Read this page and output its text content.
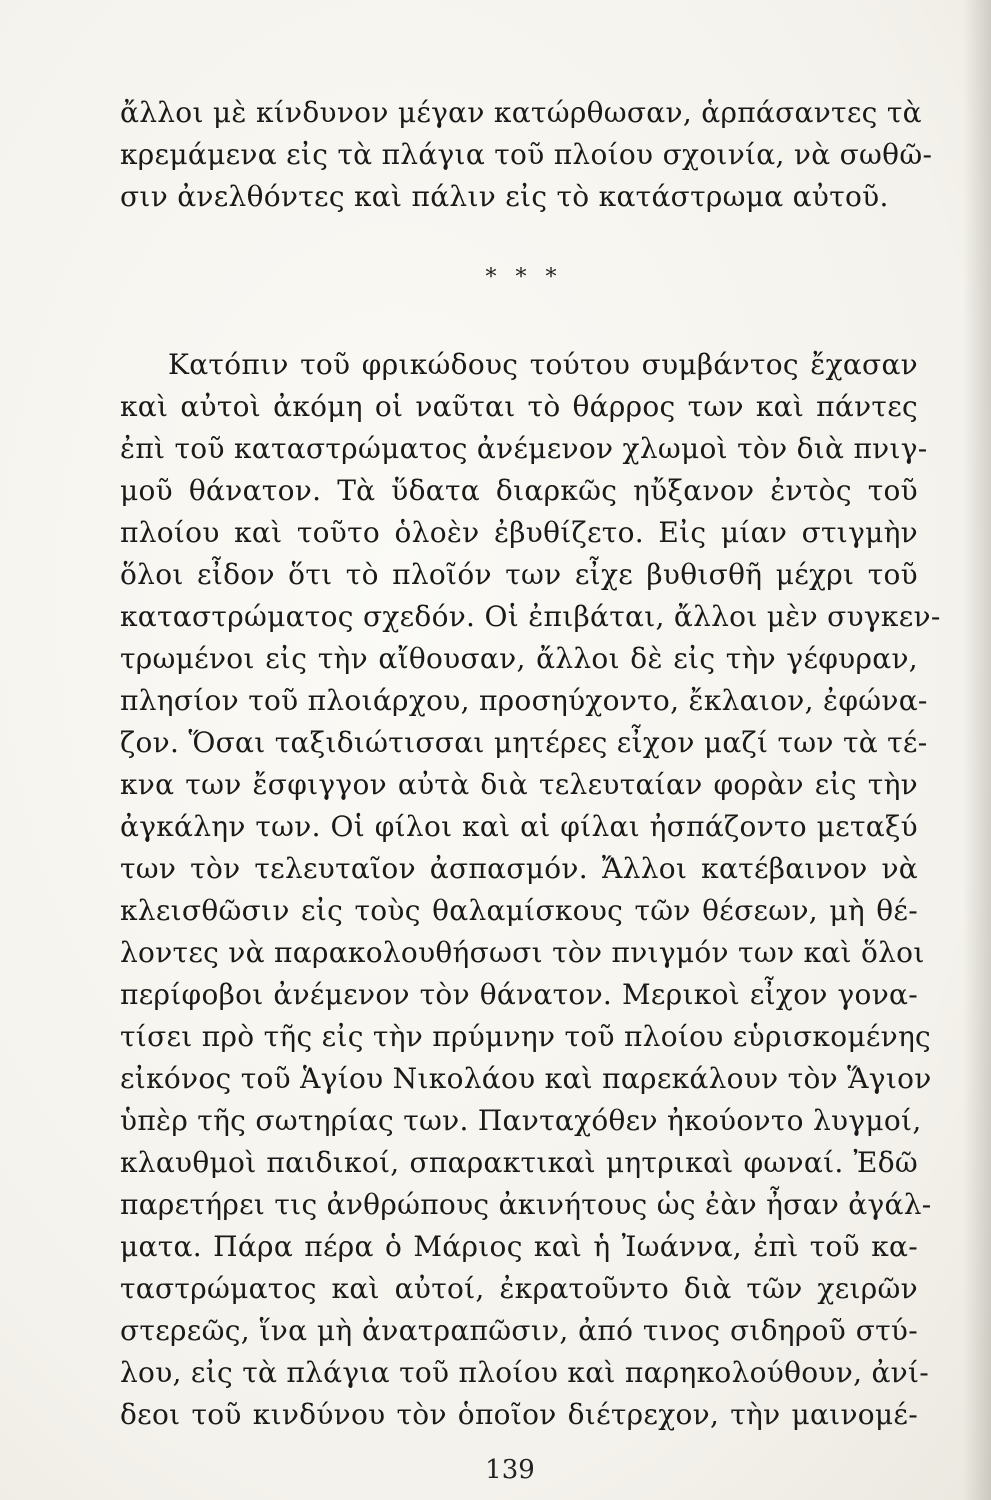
ἄλλοι μὲ κίνδυνον μέγαν κατώρθωσαν, ἁρπάσαντες τὰ
κρεμάμενα εἰς τὰ πλάγια τοῦ πλοίου σχοινία, νὰ σωθῶ-
σιν ἀνελθόντες καὶ πάλιν εἰς τὸ κατάστρωμα αὐτοῦ.
* * *
Κατόπιν τοῦ φρικώδους τούτου συμβάντος ἔχασαν
καὶ αὐτοὶ ἀκόμη οἱ ναῦται τὸ θάρρος των καὶ πάντες
ἐπὶ τοῦ καταστρώματος ἀνέμενον χλωμοὶ τὸν διὰ πνιγ-
μοῦ θάνατον. Τὰ ὕδατα διαρκῶς ηὔξανον ἐντὸς τοῦ
πλοίου καὶ τοῦτο ὁλοὲν ἐβυθίζετο. Εἰς μίαν στιγμὴν
ὅλοι εἶδον ὅτι τὸ πλοῖόν των εἶχε βυθισθῆ μέχρι τοῦ
καταστρώματος σχεδόν. Οἱ ἐπιβάται, ἄλλοι μὲν συγκεν-
τρωμένοι εἰς τὴν αἴθουσαν, ἄλλοι δὲ εἰς τὴν γέφυραν,
πλησίον τοῦ πλοιάρχου, προσηύχοντο, ἔκλαιον, ἐφώνα-
ζον. Ὅσαι ταξιδιώτισσαι μητέρες εἶχον μαζί των τὰ τέ-
κνα των ἔσφιγγον αὐτὰ διὰ τελευταίαν φορὰν εἰς τὴν
ἀγκάλην των. Οἱ φίλοι καὶ αἱ φίλαι ἠσπάζοντο μεταξύ
των τὸν τελευταῖον ἀσπασμόν. Ἄλλοι κατέβαινον νὰ
κλεισθῶσιν εἰς τοὺς θαλαμίσκους τῶν θέσεων, μὴ θέ-
λοντες νὰ παρακολουθήσωσι τὸν πνιγμόν των καὶ ὅλοι
περίφοβοι ἀνέμενον τὸν θάνατον. Μερικοὶ εἶχον γονα-
τίσει πρὸ τῆς εἰς τὴν πρύμνην τοῦ πλοίου εὑρισκομένης
εἰκόνος τοῦ Ἁγίου Νικολάου καὶ παρεκάλουν τὸν Ἅγιον
ὑπὲρ τῆς σωτηρίας των. Πανταχόθεν ἠκούοντο λυγμοί,
κλαυθμοὶ παιδικοί, σπαρακτικαὶ μητρικαὶ φωναί. Ἐδῶ
παρετήρει τις ἀνθρώπους ἀκινήτους ὡς ἐὰν ἦσαν ἀγάλ-
ματα. Πάρα πέρα ὁ Μάριος καὶ ἡ Ἰωάννα, ἐπὶ τοῦ κα-
ταστρώματος καὶ αὐτοί, ἐκρατοῦντο διὰ τῶν χειρῶν
στερεῶς, ἵνα μὴ ἀνατραπῶσιν, ἀπό τινος σιδηροῦ στύ-
λου, εἰς τὰ πλάγια τοῦ πλοίου καὶ παρηκολούθουν, ἀνί-
δεοι τοῦ κινδύνου τὸν ὁποῖον διέτρεχον, τὴν μαινομέ-
139
